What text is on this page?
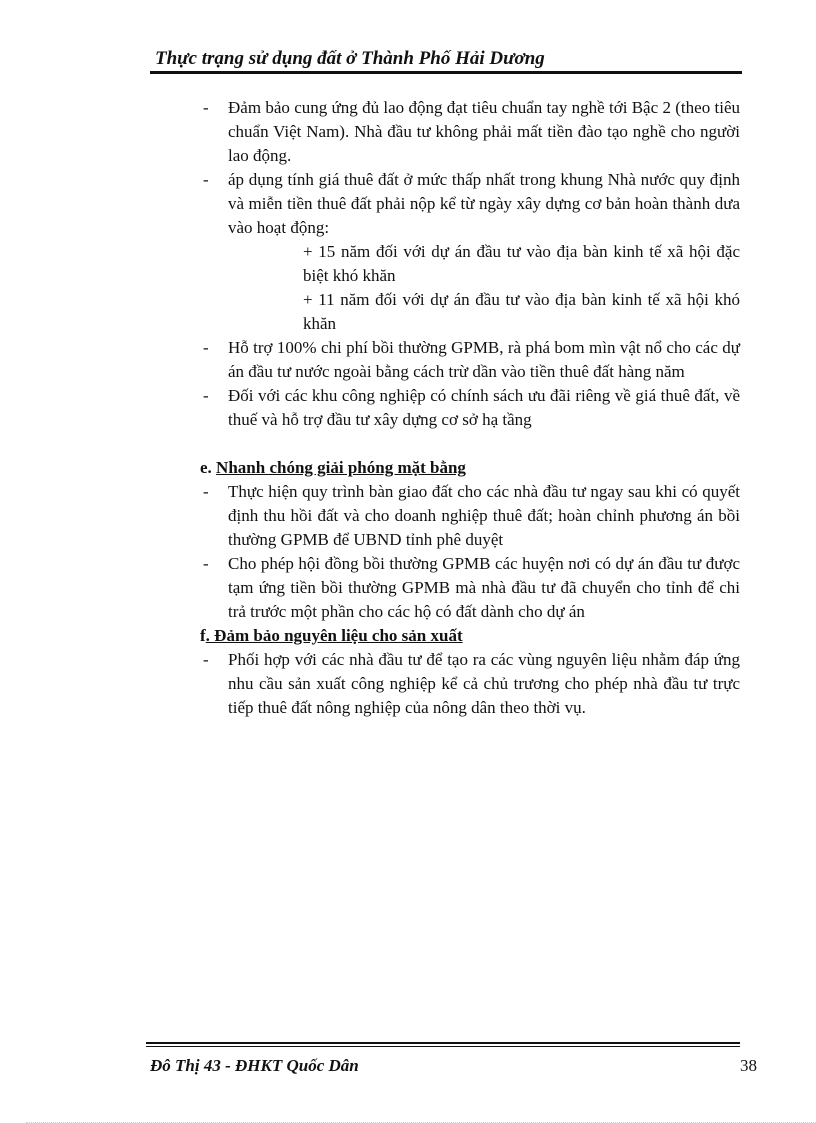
Thực trạng sử dụng đất ở Thành Phố Hải Dương
- Đảm bảo cung ứng đủ lao động đạt tiêu chuẩn tay nghề tới Bậc 2 (theo tiêu chuẩn Việt Nam). Nhà đầu tư không phải mất tiền đào tạo nghề cho người lao động.
- áp dụng tính giá thuê đất ở mức thấp nhất trong khung Nhà nước quy định và miễn tiền thuê đất phải nộp kể từ ngày xây dựng cơ bản hoàn thành dưa vào hoạt động:
+ 15 năm đối với dự án đầu tư vào địa bàn kinh tế xã hội đặc biệt khó khăn
+ 11 năm đối với dự án đầu tư vào địa bàn kinh tế xã hội khó khăn
- Hỗ trợ 100% chi phí bồi thường GPMB, rà phá bom mìn vật nổ cho các dự án đầu tư nước ngoài bằng cách trừ dần vào tiền thuê đất hàng năm
- Đối với các khu công nghiệp có chính sách ưu đãi riêng về giá thuê đất, về thuế và hỗ trợ đầu tư xây dựng cơ sở hạ tầng
e. Nhanh chóng giải phóng mặt bằng
- Thực hiện quy trình bàn giao đất cho các nhà đầu tư ngay sau khi có quyết định thu hồi đất và cho doanh nghiệp thuê đất; hoàn chỉnh phương án bồi thường GPMB để UBND tỉnh phê duyệt
- Cho phép hội đồng bồi thường GPMB các huyện nơi có dự án đầu tư được tạm ứng tiền bồi thường GPMB mà nhà đầu tư đã chuyển cho tỉnh để chi trả trước một phần cho các hộ có đất dành cho dự án
f. Đảm bảo nguyên liệu cho sản xuất
- Phối hợp với các nhà đầu tư để tạo ra các vùng nguyên liệu nhằm đáp ứng nhu cầu sản xuất công nghiệp kể cả chủ trương cho phép nhà đầu tư trực tiếp thuê đất nông nghiệp của nông dân theo thời vụ.
Đô Thị 43 - ĐHKT Quốc Dân	38
